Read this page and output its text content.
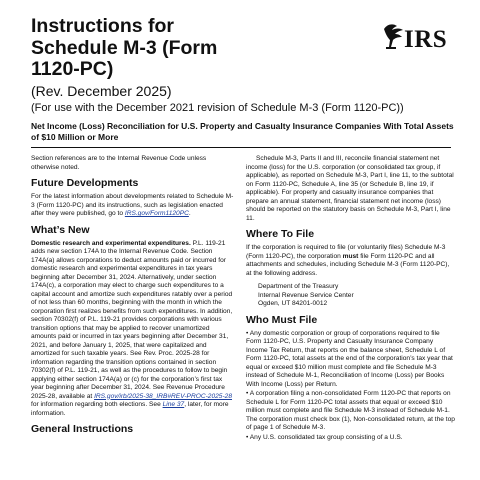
Instructions for Schedule M-3 (Form 1120-PC)
(Rev. December 2025)
(For use with the December 2021 revision of Schedule M-3 (Form 1120-PC))
Net Income (Loss) Reconciliation for U.S. Property and Casualty Insurance Companies With Total Assets of $10 Million or More
IRS

Section references are to the Internal Revenue Code unless otherwise noted.

Future Developments

For the latest information about developments related to Schedule M-3 (Form 1120-PC) and its instructions, such as legislation enacted after they were published, go to IRS.gov/Form1120PC.

What’s New

Domestic research and experimental expenditures. P.L. 119-21 adds new section 174A to the Internal Revenue Code. Section 174A(a) allows corporations to deduct amounts paid or incurred for domestic research and experimental expenditures in tax years beginning after December 31, 2024. Alternatively, under section 174A(c), a corporation may elect to charge such expenditures to a capital account and amortize such expenditures ratably over a period of not less than 60 months, beginning with the month in which the corporation first realizes benefits from such expenditures. In addition, section 70302(f) of P.L. 119-21 provides corporations with various transition options that may be applied to recover unamortized amounts paid or incurred in tax years beginning after December 31, 2021, and before January 1, 2025, that were capitalized and amortized for such taxable years. See Rev. Proc. 2025-28 for information regarding the transition options contained in section 70302(f) of P.L. 119-21, as well as the procedures to follow to begin applying either section 174A(a) or (c) for the corporation’s first tax year beginning after December 31, 2024. See Revenue Procedure 2025-28, available at IRS.gov/irb/2025-38_IRB#REV-PROC-2025-28 for information regarding both elections. See Line 37, later, for more information.

General Instructions

Schedule M-3, Parts II and III, reconcile financial statement net income (loss) for the U.S. corporation (or consolidated tax group, if applicable), as reported on Schedule M-3, Part I, line 11, to the subtotal on Form 1120-PC, Schedule A, line 35 (or Schedule B, line 19, if applicable). For property and casualty insurance companies that prepare an annual statement, financial statement net income (loss) should be reported on the statutory basis on Schedule M-3, Part I, line 11.

Where To File

If the corporation is required to file (or voluntarily files) Schedule M-3 (Form 1120-PC), the corporation must file Form 1120-PC and all attachments and schedules, including Schedule M-3 (Form 1120-PC), at the following address.

Department of the Treasury
Internal Revenue Service Center
Ogden, UT 84201-0012
Who Must File

• Any domestic corporation or group of corporations required to file Form 1120-PC, U.S. Property and Casualty Insurance Company Income Tax Return, that reports on the balance sheet, Schedule L of Form 1120-PC, total assets at the end of the corporation’s tax year that equal or exceed $10 million must complete and file Schedule M-3 instead of Schedule M-1, Reconciliation of Income (Loss) per Books With Income (Loss) per Return.

• A corporation filing a non-consolidated Form 1120-PC that reports on Schedule L for Form 1120-PC total assets that equal or exceed $10 million must complete and file Schedule M-3 instead of Schedule M-1. The corporation must check box (1), Non-consolidated return, at the top of page 1 of Schedule M-3.

• Any U.S. consolidated tax group consisting of a U.S.
